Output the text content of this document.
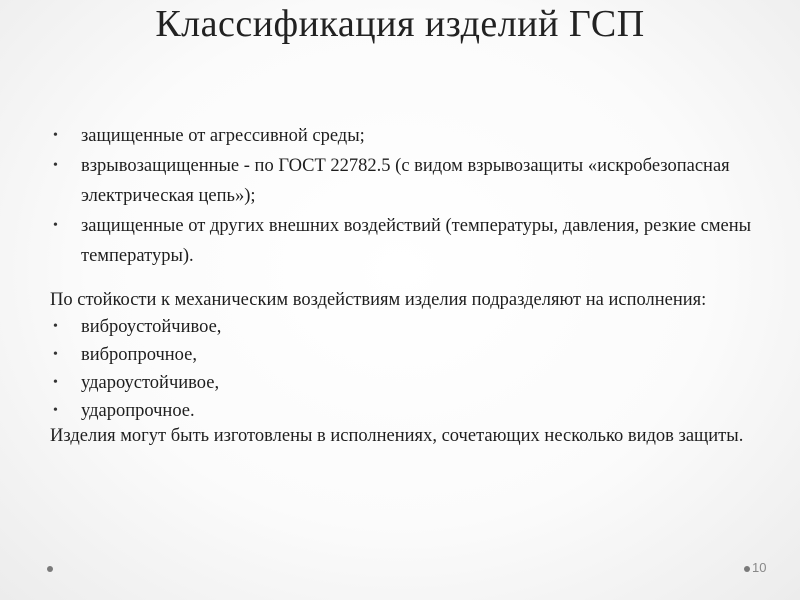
Классификация изделий ГСП
• защищенные от агрессивной среды;
• взрывозащищенные - по ГОСТ 22782.5 (с видом взрывозащиты «искробезопасная электрическая цепь»);
• защищенные от других внешних воздействий (температуры, давления, резкие смены температуры).

По стойкости к механическим воздействиям изделия подразделяют на исполнения:

• виброустойчивое,
• вибропрочное,
• удароустойчивое,
• ударопрочное.

Изделия могут быть изготовлены в исполнениях, сочетающих несколько видов защиты.

10
